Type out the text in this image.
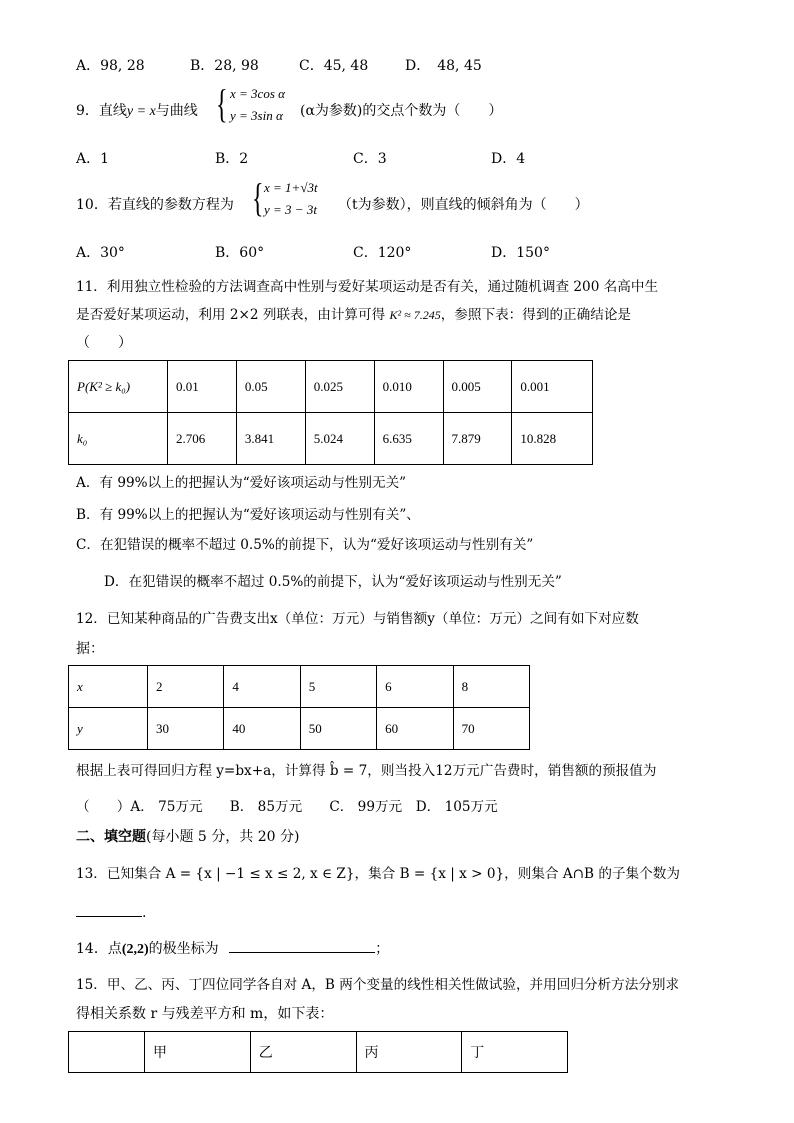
A．98, 28	B．28, 98	C．45, 48	D．　48, 45
9．直线y = x与曲线 { x = 3cos α
y = 3sin α (α为参数)的交点个数为（　　）
A．1	B．2	C．3	D．4
10．若直线的参数方程为 { x = 1+√3t
y = 3 − 3t （t为参数），则直线的倾斜角为（　　）
A．30°	B．60°	C．120°	D．150°
11．利用独立性检验的方法调查高中性别与爱好某项运动是否有关，通过随机调查 200 名高中生
是否爱好某项运动，利用 2×2 列联表，由计算可得 K² ≈ 7.245，参照下表：得到的正确结论是
（　　）
P(K² ≥ k₀)	0.01	0.05	0.025	0.010	0.005	0.001
k₀	2.706	3.841	5.024	6.635	7.879	10.828
A．有 99%以上的把握认为“爱好该项运动与性别无关”
B．有 99%以上的把握认为“爱好该项运动与性别有关”、
C．在犯错误的概率不超过 0.5%的前提下，认为“爱好该项运动与性别有关”
D．在犯错误的概率不超过 0.5%的前提下，认为“爱好该项运动与性别无关”
12．已知某种商品的广告费支出x（单位：万元）与销售额y（单位：万元）之间有如下对应数
据：
x	2	4	5	6	8
y	30	40	50	60	70
根据上表可得回归方程 y=bx+a，计算得 b̂ = 7，则当投入12万元广告费时，销售额的预报值为
（　　）A． 75万元　　B． 85万元　　C． 99万元　D． 105万元
二、填空题(每小题 5 分，共 20 分)
13．已知集合 A = {x | −1 ≤ x ≤ 2, x ∈ Z}，集合 B = {x | x > 0}，则集合 A∩B 的子集个数为
.
14．点(2,2)的极坐标为	；
15．甲、乙、丙、丁四位同学各自对 A，B 两个变量的线性相关性做试验，并用回归分析方法分别求
得相关系数 r 与残差平方和 m，如下表：
	甲	乙	丙	丁
